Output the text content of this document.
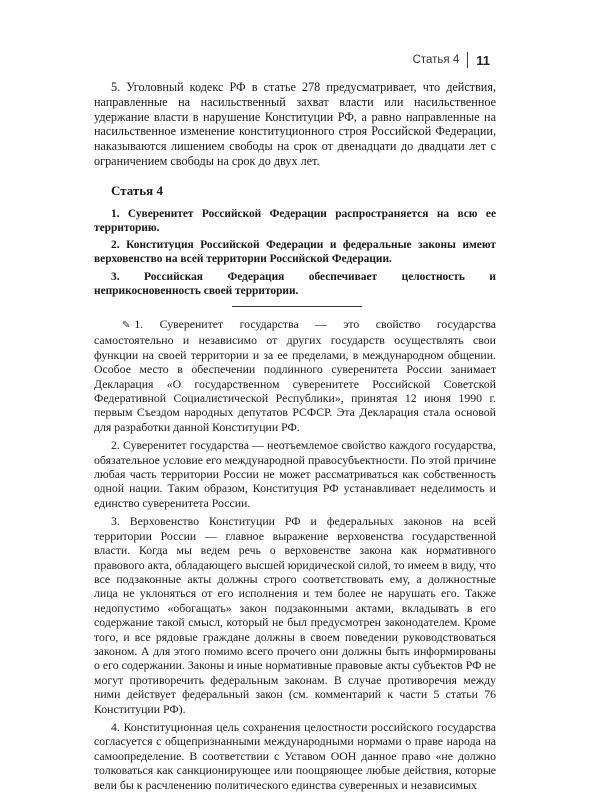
Статья 4 11

5. Уголовный кодекс РФ в статье 278 предусматривает, что действия, направленные на насильственный захват власти или насильственное удержание власти в нарушение Конституции РФ, а равно направленные на насильственное изменение конституционного строя Российской Федерации, наказываются лишением свободы на срок от двенадцати до двадцати лет с ограничением свободы на срок до двух лет.

Статья 4

1. Суверенитет Российской Федерации распространяется на всю ее территорию.

2. Конституция Российской Федерации и федеральные законы имеют верховенство на всей территории Российской Федерации.

3. Российская Федерация обеспечивает целостность и неприкосновенность своей территории.

✎ 1. Суверенитет государства — это свойство государства самостоятельно и независимо от других государств осуществлять свои функции на своей территории и за ее пределами, в международном общении. Особое место в обеспечении подлинного суверенитета России занимает Декларация «О государственном суверенитете Российской Советской Федеративной Социалистической Республики», принятая 12 июня 1990 г. первым Съездом народных депутатов РСФСР. Эта Декларация стала основой для разработки данной Конституции РФ.

2. Суверенитет государства — неотъемлемое свойство каждого государства, обязательное условие его международной правосубъектности. По этой причине любая часть территории России не может рассматриваться как собственность одной нации. Таким образом, Конституция РФ устанавливает неделимость и единство суверенитета России.

3. Верховенство Конституции РФ и федеральных законов на всей территории России — главное выражение верховенства государственной власти. Когда мы ведем речь о верховенстве закона как нормативного правового акта, обладающего высшей юридической силой, то имеем в виду, что все подзаконные акты должны строго соответствовать ему, а должностные лица не уклоняться от его исполнения и тем более не нарушать его. Также недопустимо «обогащать» закон подзаконными актами, вкладывать в его содержание такой смысл, который не был предусмотрен законодателем. Кроме того, и все рядовые граждане должны в своем поведении руководствоваться законом. А для этого помимо всего прочего они должны быть информированы о его содержании. Законы и иные нормативные правовые акты субъектов РФ не могут противоречить федеральным законам. В случае противоречия между ними действует федеральный закон (см. комментарий к части 5 статьи 76 Конституции РФ).

4. Конституционная цель сохранения целостности российского государства согласуется с общепризнанными международными нормами о праве народа на самоопределение. В соответствии с Уставом ООН данное право «не должно толковаться как санкционирующее или поощряющее любые действия, которые вели бы к расчленению политического единства суверенных и независимых
